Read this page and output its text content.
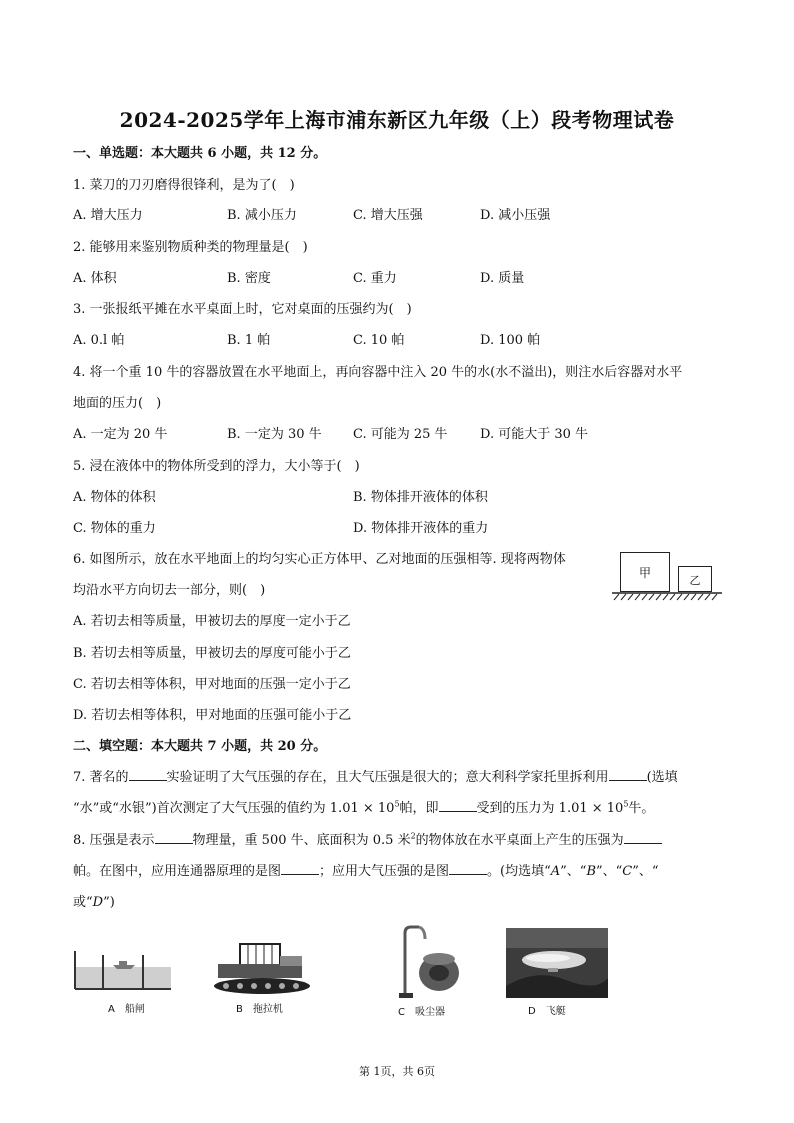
2024-2025学年上海市浦东新区九年级（上）段考物理试卷
一、单选题：本大题共 6 小题，共 12 分。
1. 菜刀的刀刃磨得很锋利，是为了(　)
A. 增大压力	B. 减小压力	C. 增大压强	D. 减小压强
2. 能够用来鉴别物质种类的物理量是(　)
A. 体积	B. 密度	C. 重力	D. 质量
3. 一张报纸平摊在水平桌面上时，它对桌面的压强约为(　)
A. 0.l 帕	B. 1 帕	C. 10 帕	D. 100 帕
4. 将一个重 10 牛的容器放置在水平地面上，再向容器中注入 20 牛的水(水不溢出)，则注水后容器对水平
地面的压力(　)
A. 一定为 20 牛	B. 一定为 30 牛 C. 可能为 25 牛 D. 可能大于 30 牛
5. 浸在液体中的物体所受到的浮力，大小等于(　)
A. 物体的体积	B. 物体排开液体的体积
C. 物体的重力	D. 物体排开液体的重力
6. 如图所示，放在水平地面上的均匀实心正方体甲、乙对地面的压强相等. 现将两物体
均沿水平方向切去一部分，则(　)
甲
乙
A. 若切去相等质量，甲被切去的厚度一定小于乙
B. 若切去相等质量，甲被切去的厚度可能小于乙
C. 若切去相等体积，甲对地面的压强一定小于乙
D. 若切去相等体积，甲对地面的压强可能小于乙
二、填空题：本大题共 7 小题，共 20 分。
7. 著名的	实验证明了大气压强的存在，且大气压强是很大的；意大利科学家托里拆利用	(选填
“水”或“水银”)首次测定了大气压强的值约为 $1.01 \times 10^5$帕，即	受到的压力为 $1.01 \times 10^5$牛。
8. 压强是表示	物理量，重 500 牛、底面积为 0.5 米$^2$的物体放在水平桌面上产生的压强为
帕。在图中，应用连通器原理的是图	；应用大气压强的是图	。(均选填“A”、“B”、“C”、“
或“D”)
A　船闸	B　拖拉机	C　吸尘器	D　飞艇
第 1页，共 6页
